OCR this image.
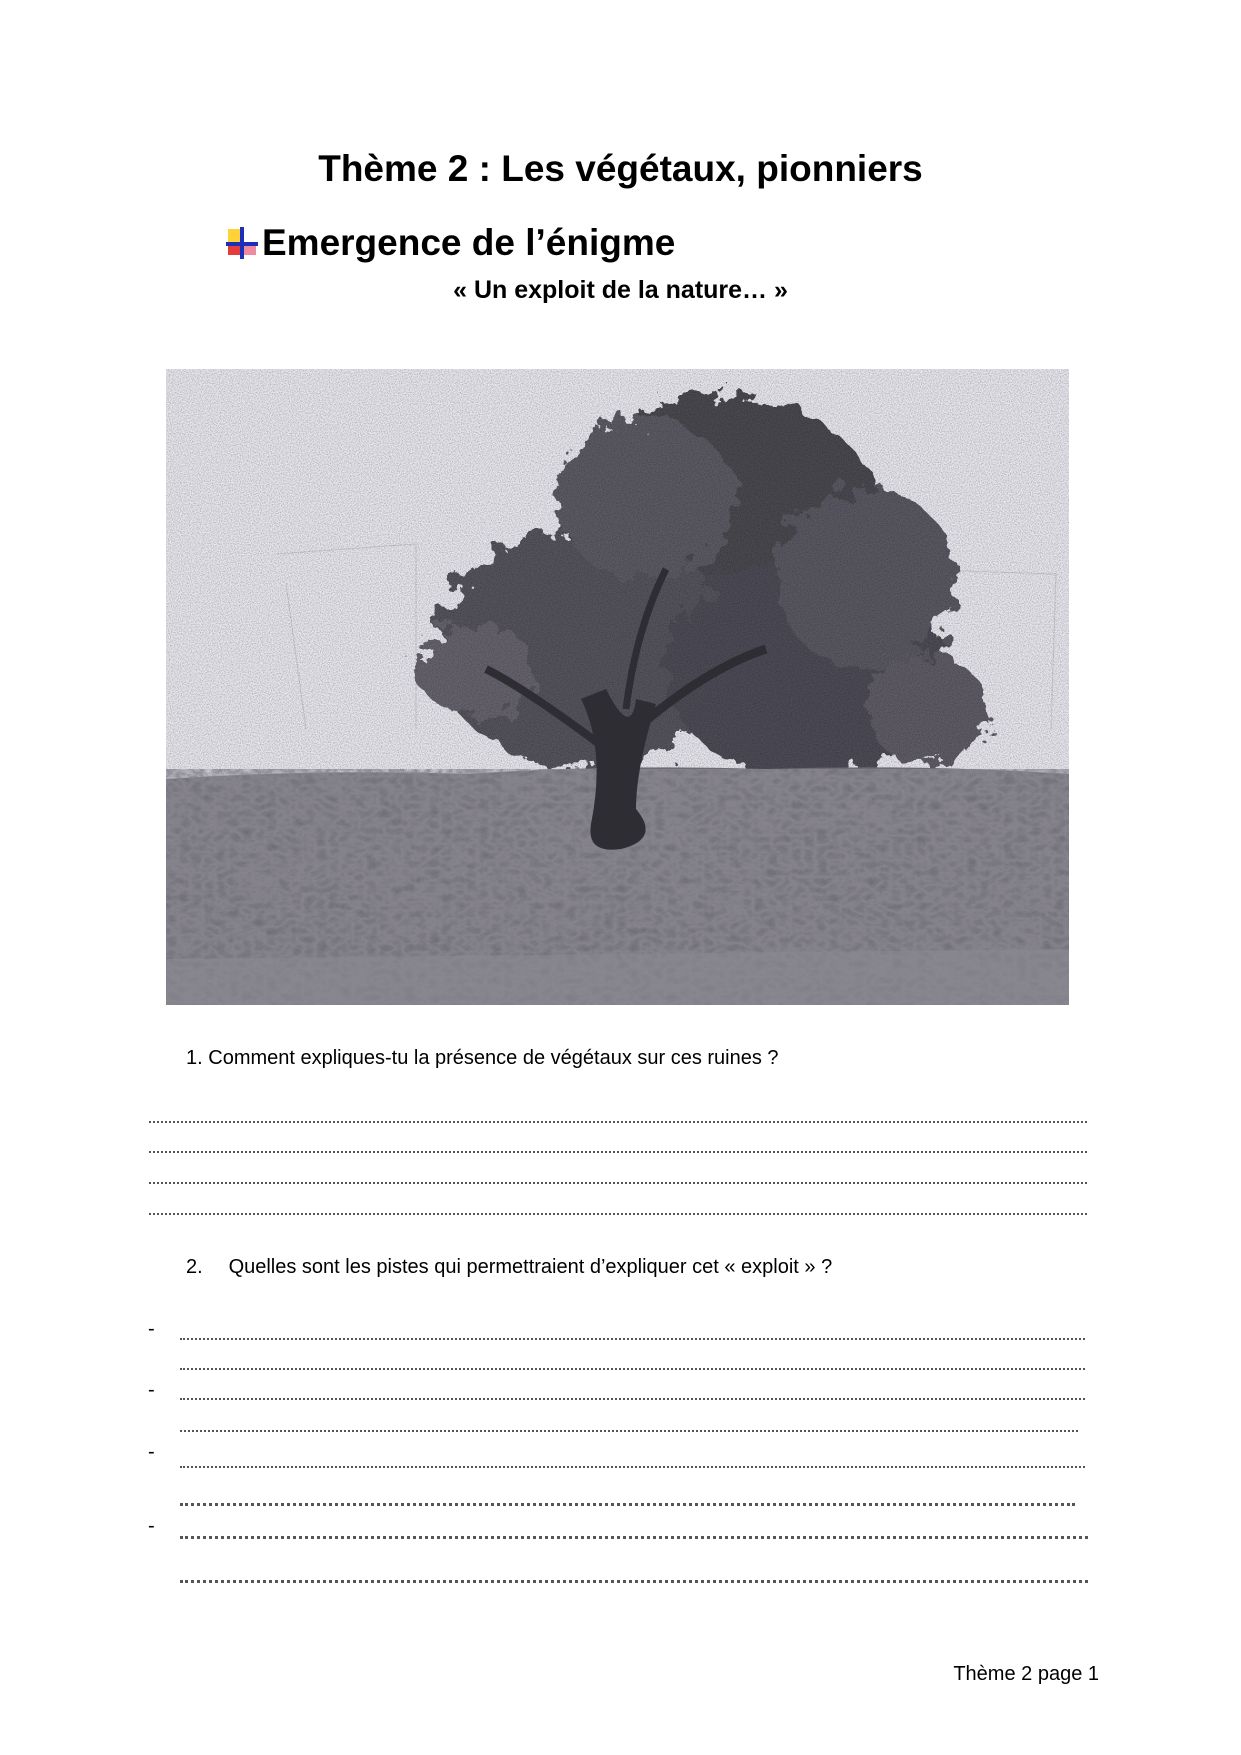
Thème 2 : Les végétaux, pionniers
Emergence de l’énigme
« Un exploit de la nature… »
1. Comment expliques-tu la présence de végétaux sur ces ruines ?
2. Quelles sont les pistes qui permettraient d’expliquer cet « exploit » ?
-
-
-
-
Thème 2 page 1
